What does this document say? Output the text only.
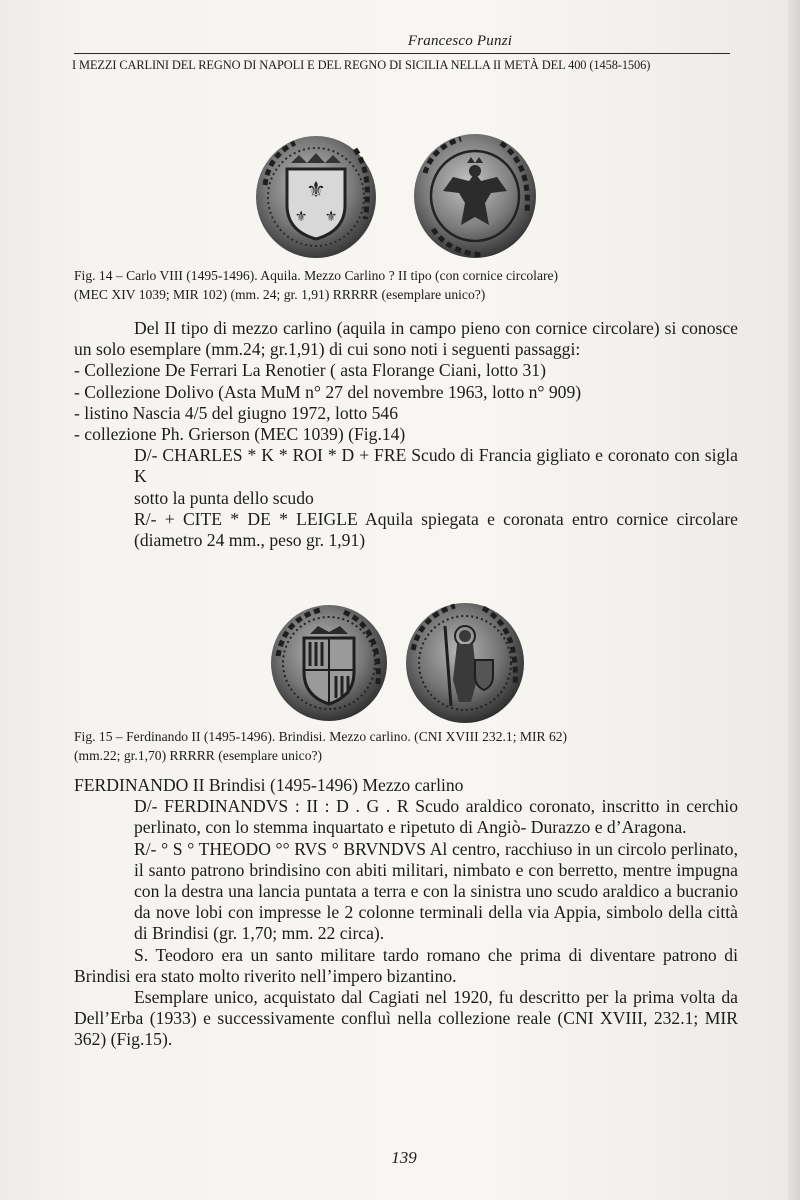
Francesco Punzi
I MEZZI CARLINI DEL REGNO DI NAPOLI E DEL REGNO DI SICILIA NELLA II METÀ DEL 400 (1458-1506)
⚜
⚜ ⚜
Fig. 14 – Carlo VIII (1495-1496). Aquila. Mezzo Carlino ? II tipo (con cornice circolare)
(MEC XIV 1039; MIR 102) (mm. 24; gr. 1,91) RRRRR (esemplare unico?)

Del II tipo di mezzo carlino (aquila in campo pieno con cornice circolare) si conosce un solo esemplare (mm.24; gr.1,91) di cui sono noti i seguenti passaggi:

- Collezione De Ferrari La Renotier ( asta Florange Ciani, lotto 31)

- Collezione Dolivo (Asta MuM n° 27 del novembre 1963, lotto n° 909)

- listino Nascia 4/5 del giugno 1972, lotto 546

- collezione Ph. Grierson (MEC 1039) (Fig.14)

D/- CHARLES * K * ROI * D + FRE Scudo di Francia gigliato e coronato con sigla K

sotto la punta dello scudo

R/- + CITE * DE * LEIGLE Aquila spiegata e coronata entro cornice circolare (diametro 24 mm., peso gr. 1,91)

Fig. 15 – Ferdinando II (1495-1496). Brindisi. Mezzo carlino. (CNI XVIII 232.1; MIR 62)
(mm.22; gr.1,70) RRRRR (esemplare unico?)

FERDINANDO II Brindisi (1495-1496) Mezzo carlino

D/- FERDINANDVS : II : D . G . R Scudo araldico coronato, inscritto in cerchio perlinato, con lo stemma inquartato e ripetuto di Angiò- Durazzo e d’Aragona.

R/- ° S ° THEODO °° RVS ° BRVNDVS Al centro, racchiuso in un circolo perlinato, il santo patrono brindisino con abiti militari, nimbato e con berretto, mentre impugna con la destra una lancia puntata a terra e con la sinistra uno scudo araldico a bucranio da nove lobi con impresse le 2 colonne terminali della via Appia, simbolo della città di Brindisi (gr. 1,70; mm. 22 circa).

S. Teodoro era un santo militare tardo romano che prima di diventare patrono di Brindisi era stato molto riverito nell’impero bizantino.

Esemplare unico, acquistato dal Cagiati nel 1920, fu descritto per la prima volta da Dell’Erba (1933) e successivamente confluì nella collezione reale (CNI XVIII, 232.1; MIR 362) (Fig.15).

139
